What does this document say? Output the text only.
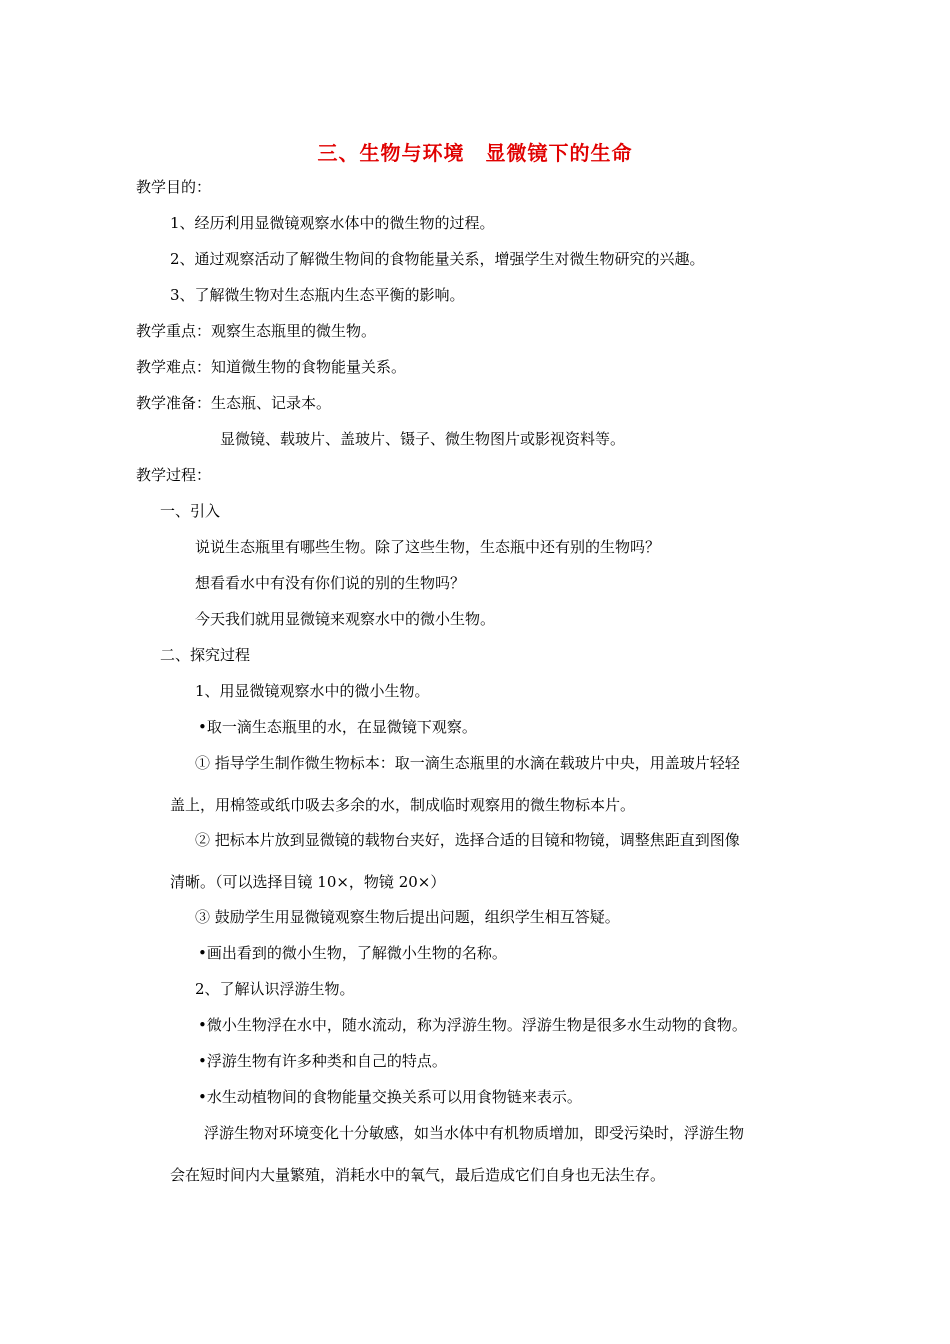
三、生物与环境　显微镜下的生命
教学目的：
1、经历利用显微镜观察水体中的微生物的过程。
2、通过观察活动了解微生物间的食物能量关系，增强学生对微生物研究的兴趣。
3、了解微生物对生态瓶内生态平衡的影响。
教学重点：观察生态瓶里的微生物。
教学难点：知道微生物的食物能量关系。
教学准备：生态瓶、记录本。
显微镜、载玻片、盖玻片、镊子、微生物图片或影视资料等。
教学过程：
一、引入
说说生态瓶里有哪些生物。除了这些生物，生态瓶中还有别的生物吗？
想看看水中有没有你们说的别的生物吗？
今天我们就用显微镜来观察水中的微小生物。
二、探究过程
1、用显微镜观察水中的微小生物。
•取一滴生态瓶里的水，在显微镜下观察。
① 指导学生制作微生物标本：取一滴生态瓶里的水滴在载玻片中央，用盖玻片轻轻
盖上，用棉签或纸巾吸去多余的水，制成临时观察用的微生物标本片。
② 把标本片放到显微镜的载物台夹好，选择合适的目镜和物镜，调整焦距直到图像
清晰。（可以选择目镜 10×，物镜 20×）
③ 鼓励学生用显微镜观察生物后提出问题，组织学生相互答疑。
•画出看到的微小生物，了解微小生物的名称。
2、了解认识浮游生物。
•微小生物浮在水中，随水流动，称为浮游生物。浮游生物是很多水生动物的食物。
•浮游生物有许多种类和自己的特点。
•水生动植物间的食物能量交换关系可以用食物链来表示。
浮游生物对环境变化十分敏感，如当水体中有机物质增加，即受污染时，浮游生物
会在短时间内大量繁殖，消耗水中的氧气，最后造成它们自身也无法生存。
